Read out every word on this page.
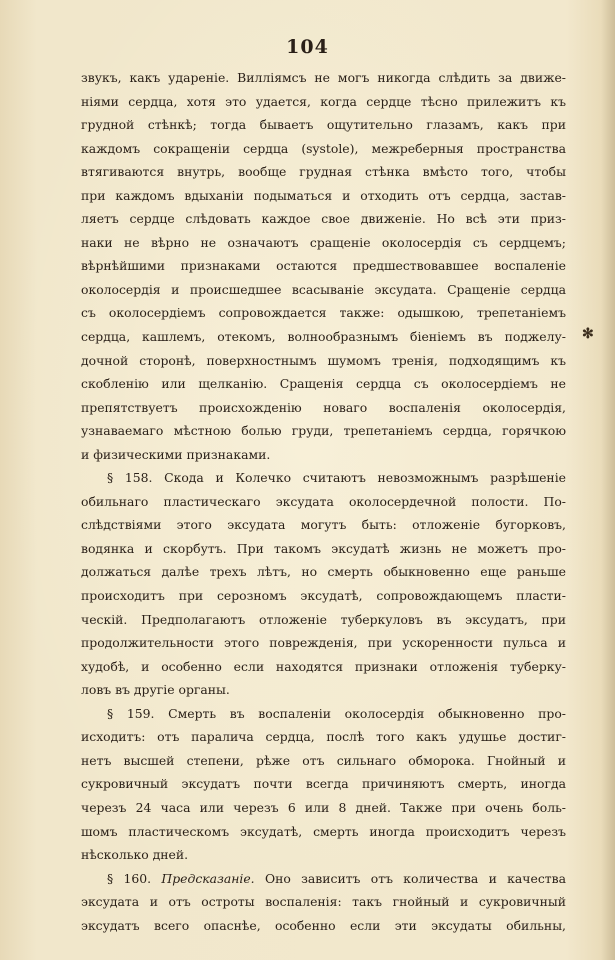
104
✻
звукъ, какъ удареніе. Виллiямсъ не могъ никогда слѣдить за движе-
ніями сердца, хотя это удается, когда сердце тѣсно прилежитъ къ
грудной стѣнкѣ; тогда бываетъ ощутительно глазамъ, какъ при
каждомъ сокращеніи сердца (systole), межреберныя пространства
втягиваются внутрь, вообще грудная стѣнка вмѣсто того, чтобы
при каждомъ вдыханіи подыматься и отходить отъ сердца, застав-
ляетъ сердце слѣдовать каждое свое движеніе. Но всѣ эти приз-
наки не вѣрно не означаютъ сращеніе околосердія съ сердцемъ;
вѣрнѣйшими признаками остаются предшествовавшее воспаленіе
околосердія и происшедшее всасываніе эксудата. Сращеніе сердца
съ околосердіемъ сопровождается также: одышкою, трепетаніемъ
сердца, кашлемъ, отекомъ, волнообразнымъ біеніемъ въ поджелу-
дочной сторонѣ, поверхностнымъ шумомъ тренія, подходящимъ къ
скобленію или щелканію. Сращенія сердца съ околосердіемъ не
препятствуетъ происхожденію новаго воспаленія околосердія,
узнаваемаго мѣстною болью груди, трепетаніемъ сердца, горячкою
и физическими признаками.
§ 158. Скода и Колечко считаютъ невозможнымъ разрѣшеніе
обильнаго пластическаго эксудата околосердечной полости. По-
слѣдствіями этого эксудата могутъ быть: отложеніе бугорковъ,
водянка и скорбутъ. При такомъ эксудатѣ жизнь не можетъ про-
должаться далѣе трехъ лѣтъ, но смерть обыкновенно еще раньше
происходитъ при серозномъ эксудатѣ, сопровождающемъ пласти-
ческій. Предполагаютъ отложеніе туберкуловъ въ эксудатъ, при
продолжительности этого поврежденія, при ускоренности пульса и
худобѣ, и особенно если находятся признаки отложенія туберку-
ловъ въ другіе органы.
§ 159. Смерть въ воспаленіи околосердія обыкновенно про-
исходитъ: отъ паралича сердца, послѣ того какъ удушье достиг-
нетъ высшей степени, рѣже отъ сильнаго обморока. Гнойный и
сукровичный эксудатъ почти всегда причиняютъ смерть, иногда
черезъ 24 часа или черезъ 6 или 8 дней. Также при очень боль-
шомъ пластическомъ эксудатѣ, смерть иногда происходитъ черезъ
нѣсколько дней.
§ 160. Предсказаніе. Оно зависитъ отъ количества и качества
эксудата и отъ остроты воспаленія: такъ гнойный и сукровичный
эксудатъ всего опаснѣе, особенно если эти эксудаты обильны,
